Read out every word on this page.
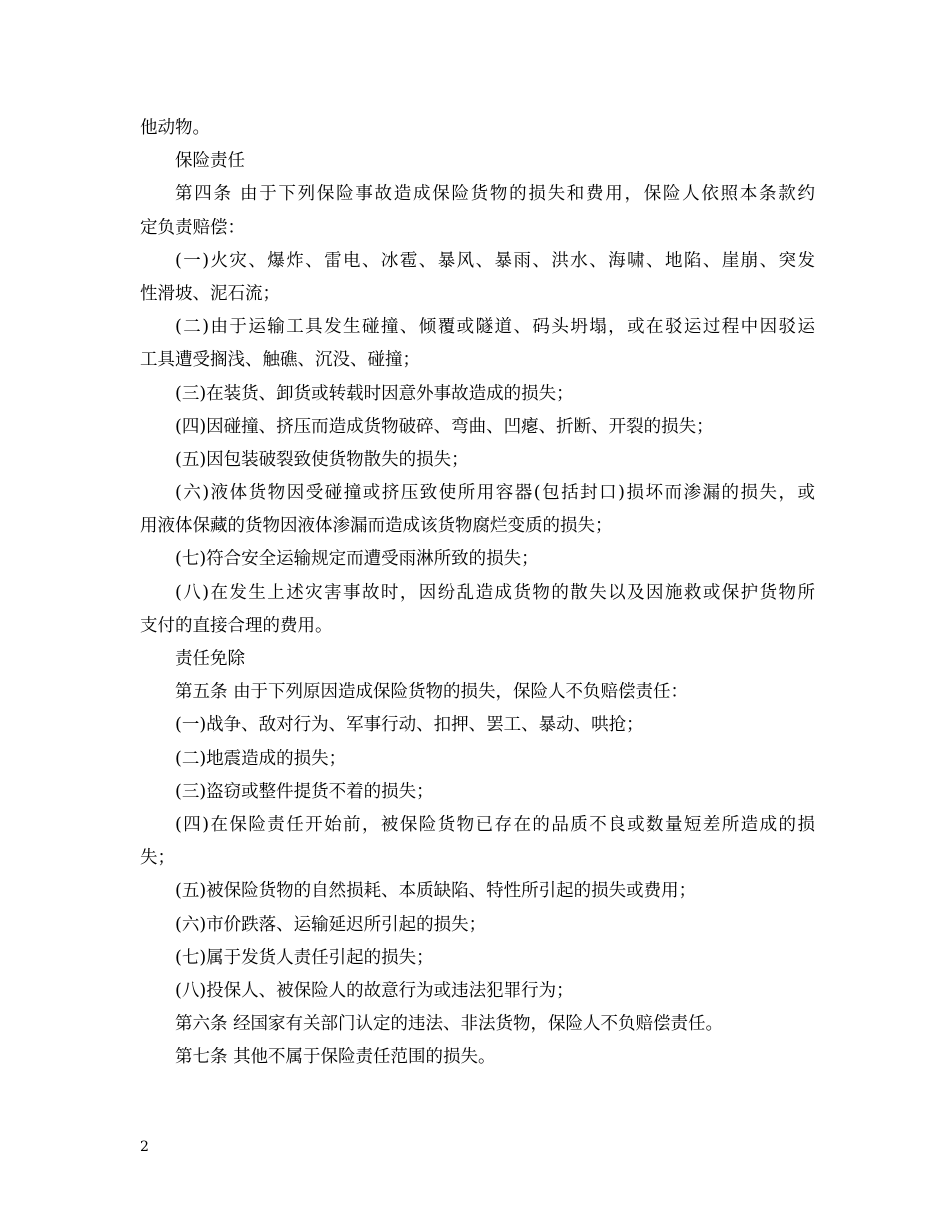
他动物。
保险责任
第四条 由于下列保险事故造成保险货物的损失和费用，保险人依照本条款约
定负责赔偿：
(一)火灾、爆炸、雷电、冰雹、暴风、暴雨、洪水、海啸、地陷、崖崩、突发
性滑坡、泥石流；
(二)由于运输工具发生碰撞、倾覆或隧道、码头坍塌，或在驳运过程中因驳运
工具遭受搁浅、触礁、沉没、碰撞；
(三)在装货、卸货或转载时因意外事故造成的损失；
(四)因碰撞、挤压而造成货物破碎、弯曲、凹瘪、折断、开裂的损失；
(五)因包装破裂致使货物散失的损失；
(六)液体货物因受碰撞或挤压致使所用容器(包括封口)损坏而渗漏的损失，或
用液体保藏的货物因液体渗漏而造成该货物腐烂变质的损失；
(七)符合安全运输规定而遭受雨淋所致的损失；
(八)在发生上述灾害事故时，因纷乱造成货物的散失以及因施救或保护货物所
支付的直接合理的费用。
责任免除
第五条 由于下列原因造成保险货物的损失，保险人不负赔偿责任：
(一)战争、敌对行为、军事行动、扣押、罢工、暴动、哄抢；
(二)地震造成的损失；
(三)盗窃或整件提货不着的损失；
(四)在保险责任开始前，被保险货物已存在的品质不良或数量短差所造成的损
失；
(五)被保险货物的自然损耗、本质缺陷、特性所引起的损失或费用；
(六)市价跌落、运输延迟所引起的损失；
(七)属于发货人责任引起的损失；
(八)投保人、被保险人的故意行为或违法犯罪行为；
第六条 经国家有关部门认定的违法、非法货物，保险人不负赔偿责任。
第七条 其他不属于保险责任范围的损失。
2
